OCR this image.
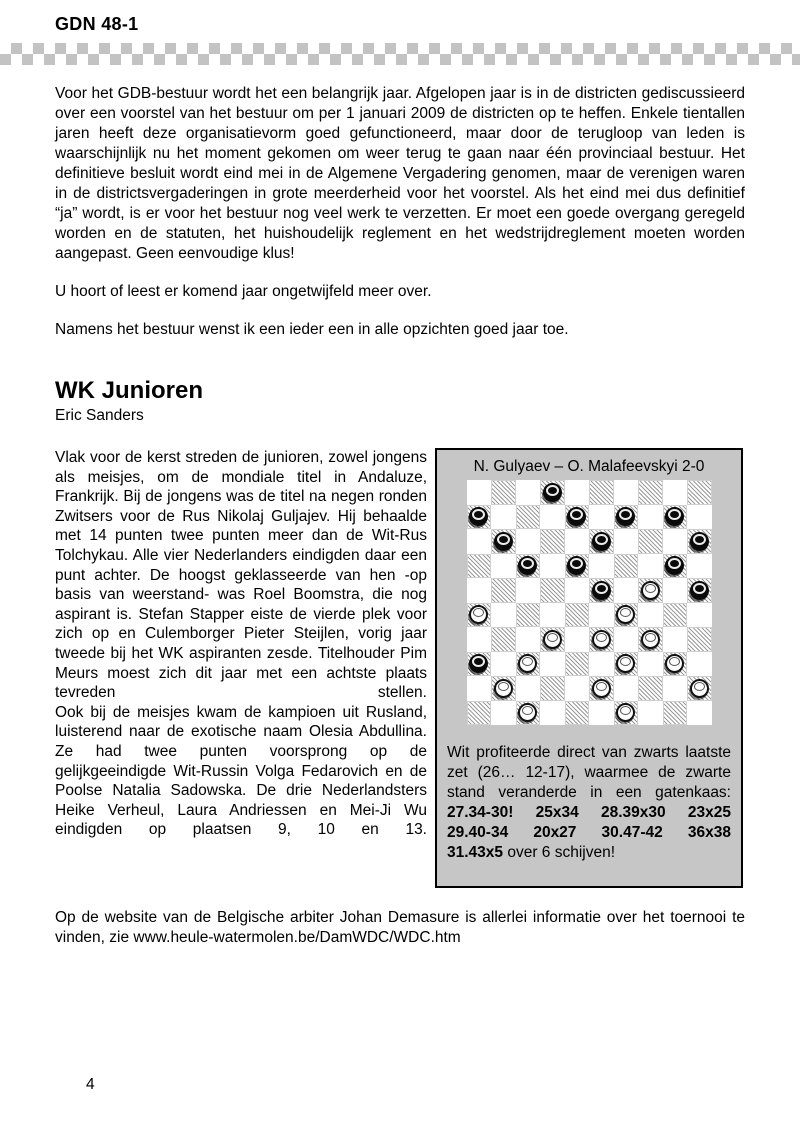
GDN 48-1

Voor het GDB-bestuur wordt het een belangrijk jaar. Afgelopen jaar is in de districten gediscussieerd over een voorstel van het bestuur om per 1 januari 2009 de districten op te heffen. Enkele tientallen jaren heeft deze organisatievorm goed gefunctioneerd, maar door de terugloop van leden is waarschijnlijk nu het moment gekomen om weer terug te gaan naar één provinciaal bestuur. Het definitieve besluit wordt eind mei in de Algemene Vergadering genomen, maar de verenigen waren in de districtsvergaderingen in grote meerderheid voor het voorstel. Als het eind mei dus definitief “ja” wordt, is er voor het bestuur nog veel werk te verzetten. Er moet een goede overgang geregeld worden en de statuten, het huishoudelijk reglement en het wedstrijdreglement moeten worden aangepast. Geen eenvoudige klus!

U hoort of leest er komend jaar ongetwijfeld meer over.

Namens het bestuur wenst ik een ieder een in alle opzichten goed jaar toe.

WK Junioren

Eric Sanders

Vlak voor de kerst streden de junioren, zowel jongens als meisjes, om de mondiale titel in Andaluze, Frankrijk. Bij de jongens was de titel na negen ronden Zwitsers voor de Rus Nikolaj Guljajev. Hij behaalde met 14 punten twee punten meer dan de Wit-Rus Tolchykau. Alle vier Nederlanders eindigden daar een punt achter. De hoogst geklasseerde van hen -op basis van weerstand- was Roel Boomstra, die nog aspirant is. Stefan Stapper eiste de vierde plek voor zich op en Culemborger Pieter Steijlen, vorig jaar tweede bij het WK aspiranten zesde. Titelhouder Pim Meurs moest zich dit jaar met een achtste plaats

tevreden	stellen.

Ook bij de meisjes kwam de kampioen uit Rusland, luisterend naar de exotische naam Olesia Abdullina. Ze had twee punten voorsprong op de gelijkgeeindigde Wit-Russin Volga Fedarovich en de Poolse Natalia Sadowska. De drie Nederlandsters Heike Verheul, Laura Andriessen en Mei-Ji Wu eindigden op plaatsen 9, 10 en 13.

N. Gulyaev – O. Malafeevskyi 2-0

Wit profiteerde direct van zwarts laatste zet (26… 12-17), waarmee de zwarte stand veranderde in een gatenkaas: 27.34-30! 25x34 28.39x30 23x25 29.40-34 20x27 30.47-42 36x38 31.43x5 over 6 schijven!

Op de website van de Belgische arbiter Johan Demasure is allerlei informatie over het toernooi te vinden, zie www.heule-watermolen.be/DamWDC/WDC.htm

4
